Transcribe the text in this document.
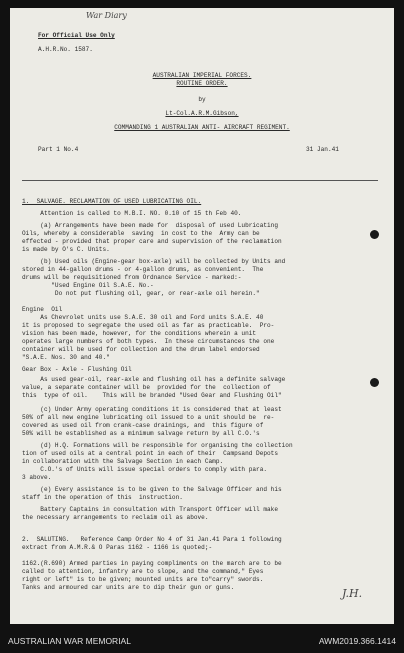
War Diary
For Official Use Only
A.H.R.No. 1587.
AUSTRALIAN IMPERIAL FORCES.
ROUTINE ORDER.
by
Lt-Col.A.R.M.Gibson,
COMMANDING 1 AUSTRALIAN ANTI- AIRCRAFT REGIMENT.
Part 1 No.4	31 Jan.41
1.  SALVAGE. RECLAMATION OF USED LUBRICATING OIL.
Attention is called to M.B.I. NO. 0.10 of 15 th Feb 40.
(a) Arrangements have been made for  disposal of used Lubricating
Oils, whereby a considerable  saving  in cost to the  Army can be
effected - provided that proper care and supervision of the reclamation
is made by O's C. Units.
(b) Used oils (Engine-gear box-axle) will be collected by Units and
stored in 44-gallon drums - or 4-gallon drums, as convenient.  The
drums will be requisitioned from Ordnance Service - marked:-
"Used Engine Oil S.A.E. No.-
Do not put flushing oil, gear, or rear-axle oil herein."
Engine  Oil
As Chevrolet units use S.A.E. 30 oil and Ford units S.A.E. 40
it is proposed to segregate the used oil as far as practicable.  Pro-
vision has been made, however, for the conditions wherein a unit
operates large numbers of both types.  In these circumstances the one
container will be used for collection and the drum label endorsed
"S.A.E. Nos. 30 and 40."
Gear Box - Axle - Flushing Oil
As used gear-oil, rear-axle and flushing oil has a definite salvage
value, a separate container will be  provided for the  collection of
this  type of oil.    This will be branded "Used Gear and Flushing Oil"
(c) Under Army operating conditions it is considered that at least
50% of all new engine lubricating oil issued to a unit should be  re-
covered as used oil from crank-case drainings, and  this figure of
50% will be established as a minimum salvage return by all C.O.'s
(d) H.Q. Formations will be responsible for organising the collection
tion of used oils at a central point in each of their  Campsand Depots
in collaboration with the Salvage Section in each Camp.
C.O.'s of Units will issue special orders to comply with para.
3 above.
(e) Every assistance is to be given to the Salvage Officer and his
staff in the operation of this  instruction.
Battery Captains in consultation with Transport Officer will make
the necessary arrangements to reclaim oil as above.
2.  SALUTING.   Reference Camp Order No 4 of 31 Jan.41 Para 1 following
extract from A.M.R.& O Paras 1162 - 1166 is quoted;-
1162.(R.690) Armed parties in paying compliments on the march are to be
called to attention, infantry are to slope, and the command," Eyes
right or left" is to be given; mounted units are to"carry" swords.
Tanks and armoured car units are to dip their gun or guns.	J.H.
AUSTRALIAN WAR MEMORIAL	AWM2019.366.1414
